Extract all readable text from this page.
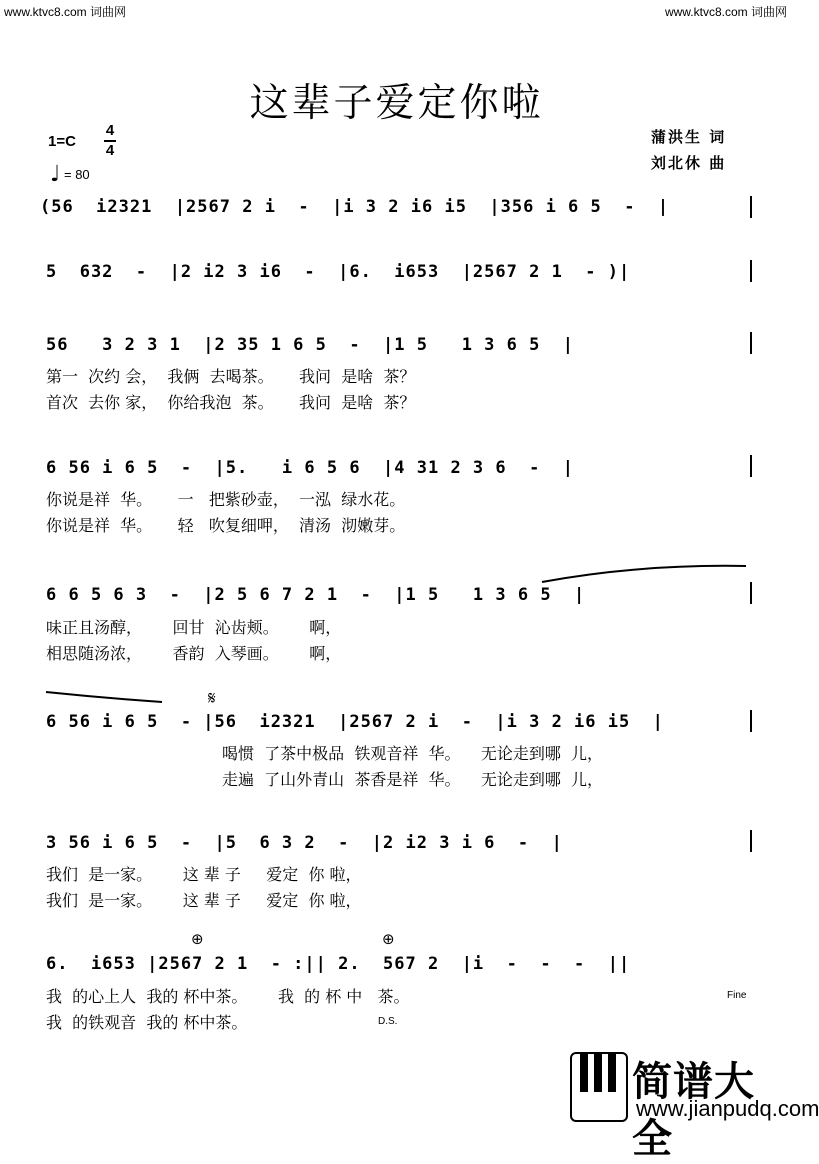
www.ktvc8.com 词曲网	www.ktvc8.com 词曲网
这辈子爱定你啦
1=C
4
4
♩ = 80
蒲洪生 词
刘北休 曲
(56  i2321  |2567 2 i  -  |i 3 2 i6 i5  |356 i 6 5  -  |
5  632  -  |2 i2 3 i6  -  |6.  i653  |2567 2 1  - )|
56   3 2 3 1  |2 35 1 6 5  -  |1 5   1 3 6 5  |
第一  次约 会，  我俩  去喝茶。     我问  是啥  茶？
首次  去你 家，  你给我泡  茶。     我问  是啥  茶？
6 56 i 6 5  -  |5.   i 6 5 6  |4 31 2 3 6  -  |
你说是祥  华。     一   把紫砂壶，  一泓  绿水花。
你说是祥  华。     轻   吹复细呷，  清汤  沏嫩芽。
6 6 5 6 3  -  |2 5 6 7 2 1  -  |1 5   1 3 6 5  |
味正且汤醇，      回甘  沁齿颊。      啊，
相思随汤浓，      香韵  入琴画。      啊，
𝄋
6 56 i 6 5  - |56  i2321  |2567 2 i  -  |i 3 2 i6 i5  |
喝惯  了茶中极品  铁观音祥  华。    无论走到哪  儿，
走遍  了山外青山  茶香是祥  华。    无论走到哪  儿，
3 56 i 6 5  -  |5  6 3 2  -  |2 i2 3 i 6  -  |
我们  是一家。      这 辈 子     爱定  你 啦，
我们  是一家。      这 辈 子     爱定  你 啦，
⊕	⊕
6.  i653 |2567 2 1  - :|| 2.  567 2  |i  -  -  -  ||
我  的心上人  我的 杯中茶。      我  的 杯 中   茶。
我  的铁观音  我的 杯中茶。	D.S.
Fine
简谱大全
www.jianpudq.com
